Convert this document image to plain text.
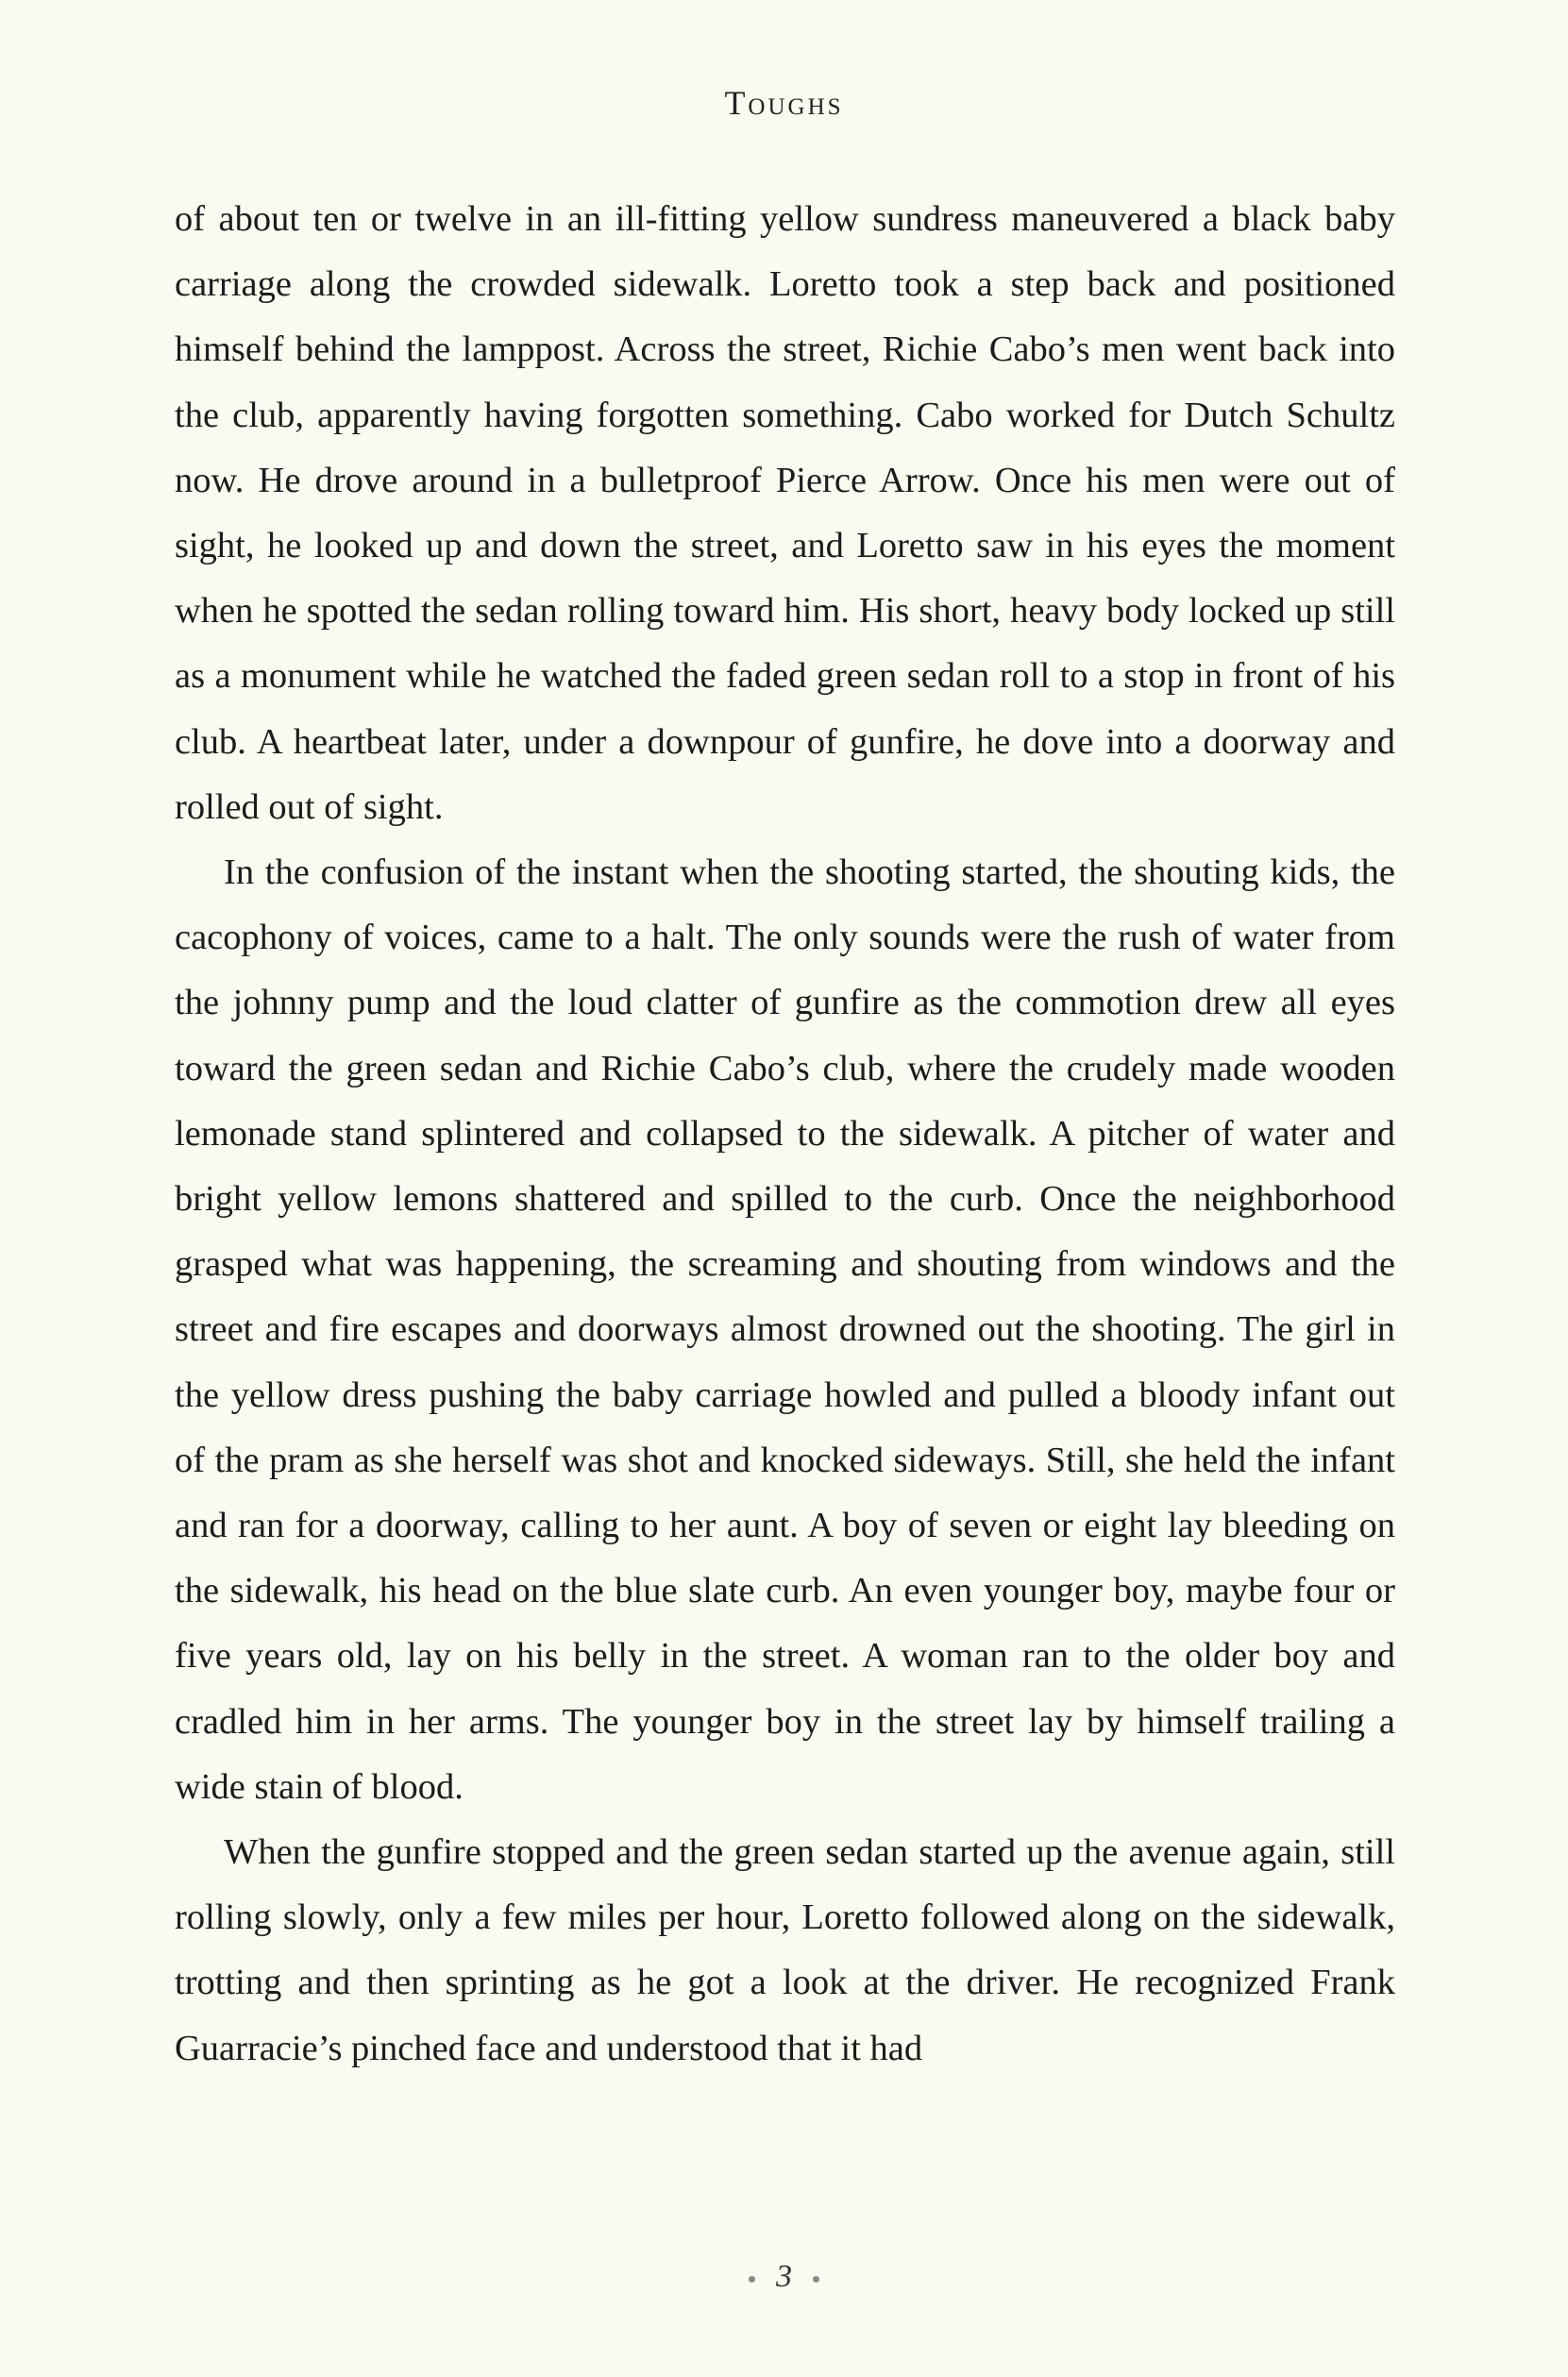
Toughs

of about ten or twelve in an ill-fitting yellow sundress maneuvered a black baby carriage along the crowded sidewalk. Loretto took a step back and positioned himself behind the lamppost. Across the street, Richie Cabo’s men went back into the club, apparently having forgotten something. Cabo worked for Dutch Schultz now. He drove around in a bulletproof Pierce Arrow. Once his men were out of sight, he looked up and down the street, and Loretto saw in his eyes the moment when he spotted the sedan rolling toward him. His short, heavy body locked up still as a monument while he watched the faded green sedan roll to a stop in front of his club. A heartbeat later, under a downpour of gunfire, he dove into a doorway and rolled out of sight.

In the confusion of the instant when the shooting started, the shouting kids, the cacophony of voices, came to a halt. The only sounds were the rush of water from the johnny pump and the loud clatter of gunfire as the commotion drew all eyes toward the green sedan and Richie Cabo’s club, where the crudely made wooden lemonade stand splintered and collapsed to the sidewalk. A pitcher of water and bright yellow lemons shattered and spilled to the curb. Once the neighborhood grasped what was happening, the screaming and shouting from windows and the street and fire escapes and doorways almost drowned out the shooting. The girl in the yellow dress pushing the baby carriage howled and pulled a bloody infant out of the pram as she herself was shot and knocked sideways. Still, she held the infant and ran for a doorway, calling to her aunt. A boy of seven or eight lay bleeding on the sidewalk, his head on the blue slate curb. An even younger boy, maybe four or five years old, lay on his belly in the street. A woman ran to the older boy and cradled him in her arms. The younger boy in the street lay by himself trailing a wide stain of blood.

When the gunfire stopped and the green sedan started up the avenue again, still rolling slowly, only a few miles per hour, Loretto followed along on the sidewalk, trotting and then sprinting as he got a look at the driver. He recognized Frank Guarracie’s pinched face and understood that it had

3
